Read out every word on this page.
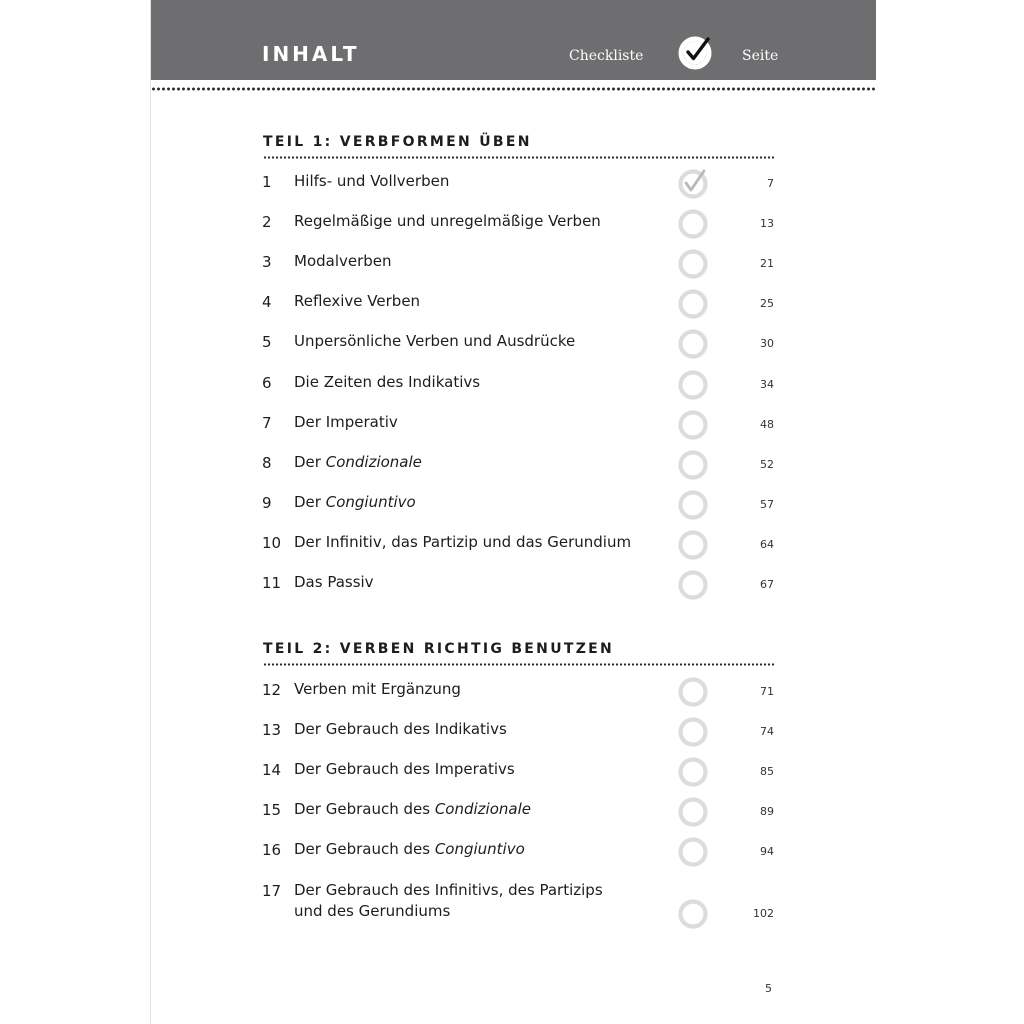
INHALT	Checkliste	Seite
TEIL 1: VERBFORMEN ÜBEN
1 Hilfs- und Vollverben	7
2 Regelmäßige und unregelmäßige Verben	13
3 Modalverben	21
4 Reflexive Verben	25
5 Unpersönliche Verben und Ausdrücke	30
6 Die Zeiten des Indikativs	34
7 Der Imperativ	48
8 Der Condizionale	52
9 Der Congiuntivo	57
10 Der Infinitiv, das Partizip und das Gerundium	64
11 Das Passiv	67
TEIL 2: VERBEN RICHTIG BENUTZEN
12 Verben mit Ergänzung	71
13 Der Gebrauch des Indikativs	74
14 Der Gebrauch des Imperativs	85
15 Der Gebrauch des Condizionale	89
16 Der Gebrauch des Congiuntivo	94
17 Der Gebrauch des Infinitivs, des Partizips
und des Gerundiums	102
5
